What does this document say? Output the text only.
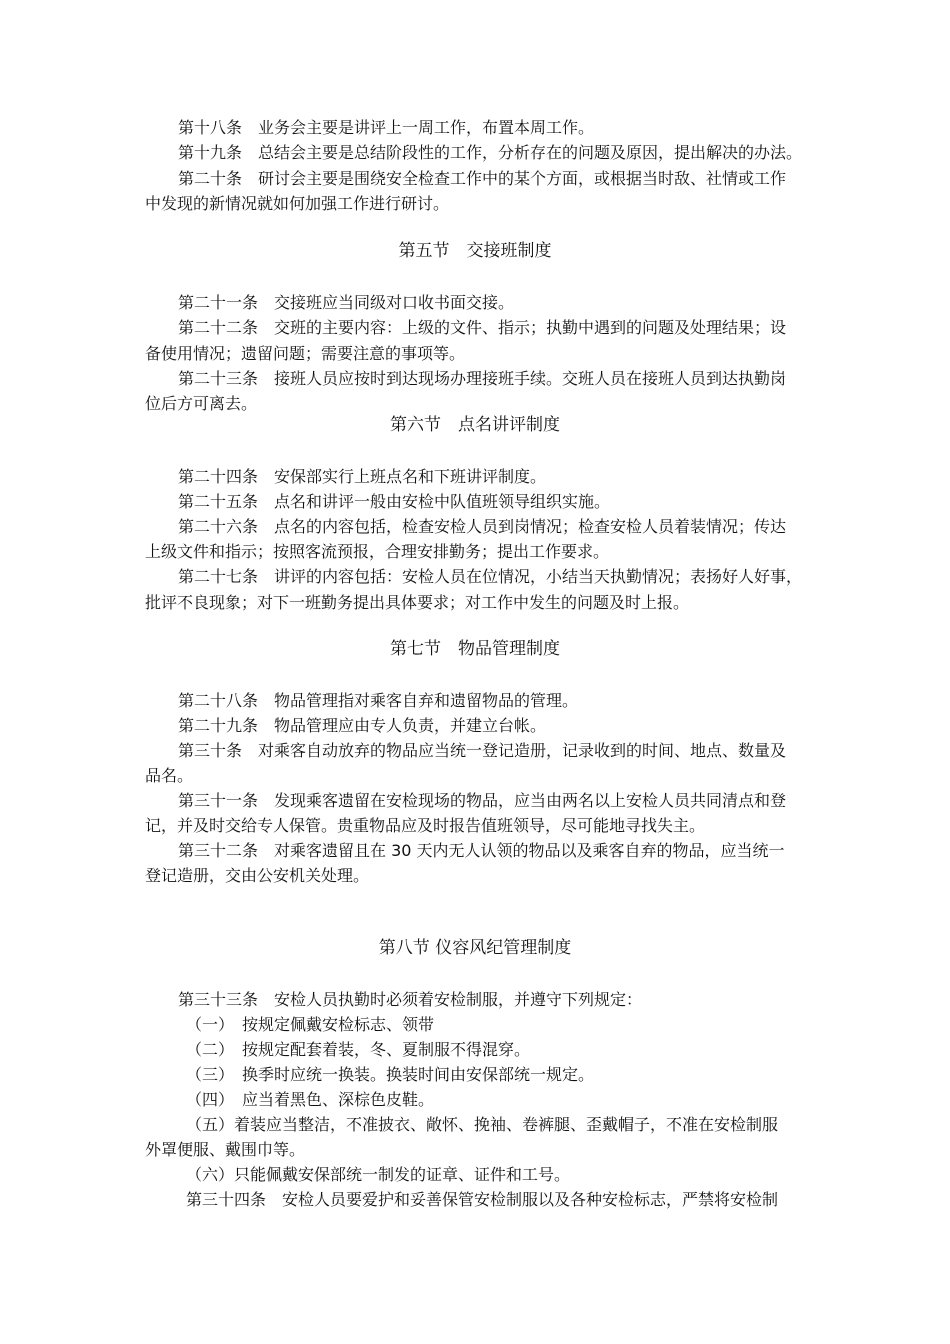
第十八条　业务会主要是讲评上一周工作，布置本周工作。
第十九条　总结会主要是总结阶段性的工作，分析存在的问题及原因，提出解决的办法。
第二十条　研讨会主要是围绕安全检查工作中的某个方面，或根据当时敌、社情或工作
中发现的新情况就如何加强工作进行研讨。
第五节　交接班制度
第二十一条　交接班应当同级对口收书面交接。
第二十二条　交班的主要内容：上级的文件、指示；执勤中遇到的问题及处理结果；设
备使用情况；遗留问题；需要注意的事项等。
第二十三条　接班人员应按时到达现场办理接班手续。交班人员在接班人员到达执勤岗
位后方可离去。
第六节　点名讲评制度
第二十四条　安保部实行上班点名和下班讲评制度。
第二十五条　点名和讲评一般由安检中队值班领导组织实施。
第二十六条　点名的内容包括，检查安检人员到岗情况；检查安检人员着装情况；传达
上级文件和指示；按照客流预报，合理安排勤务；提出工作要求。
第二十七条　讲评的内容包括：安检人员在位情况，小结当天执勤情况；表扬好人好事，
批评不良现象；对下一班勤务提出具体要求；对工作中发生的问题及时上报。
第七节　物品管理制度
第二十八条　物品管理指对乘客自弃和遗留物品的管理。
第二十九条　物品管理应由专人负责，并建立台帐。
第三十条　对乘客自动放弃的物品应当统一登记造册，记录收到的时间、地点、数量及
品名。
第三十一条　发现乘客遗留在安检现场的物品，应当由两名以上安检人员共同清点和登
记，并及时交给专人保管。贵重物品应及时报告值班领导，尽可能地寻找失主。
第三十二条　对乘客遗留且在 30 天内无人认领的物品以及乘客自弃的物品，应当统一
登记造册，交由公安机关处理。
第八节 仪容风纪管理制度
第三十三条　安检人员执勤时必须着安检制服，并遵守下列规定：
（一）　按规定佩戴安检标志、领带
（二）　按规定配套着装，冬、夏制服不得混穿。
（三）　换季时应统一换装。换装时间由安保部统一规定。
（四）　应当着黑色、深棕色皮鞋。
（五）着装应当整洁，不准披衣、敞怀、挽袖、卷裤腿、歪戴帽子，不准在安检制服
外罩便服、戴围巾等。
（六）只能佩戴安保部统一制发的证章、证件和工号。
第三十四条　安检人员要爱护和妥善保管安检制服以及各种安检标志，严禁将安检制
